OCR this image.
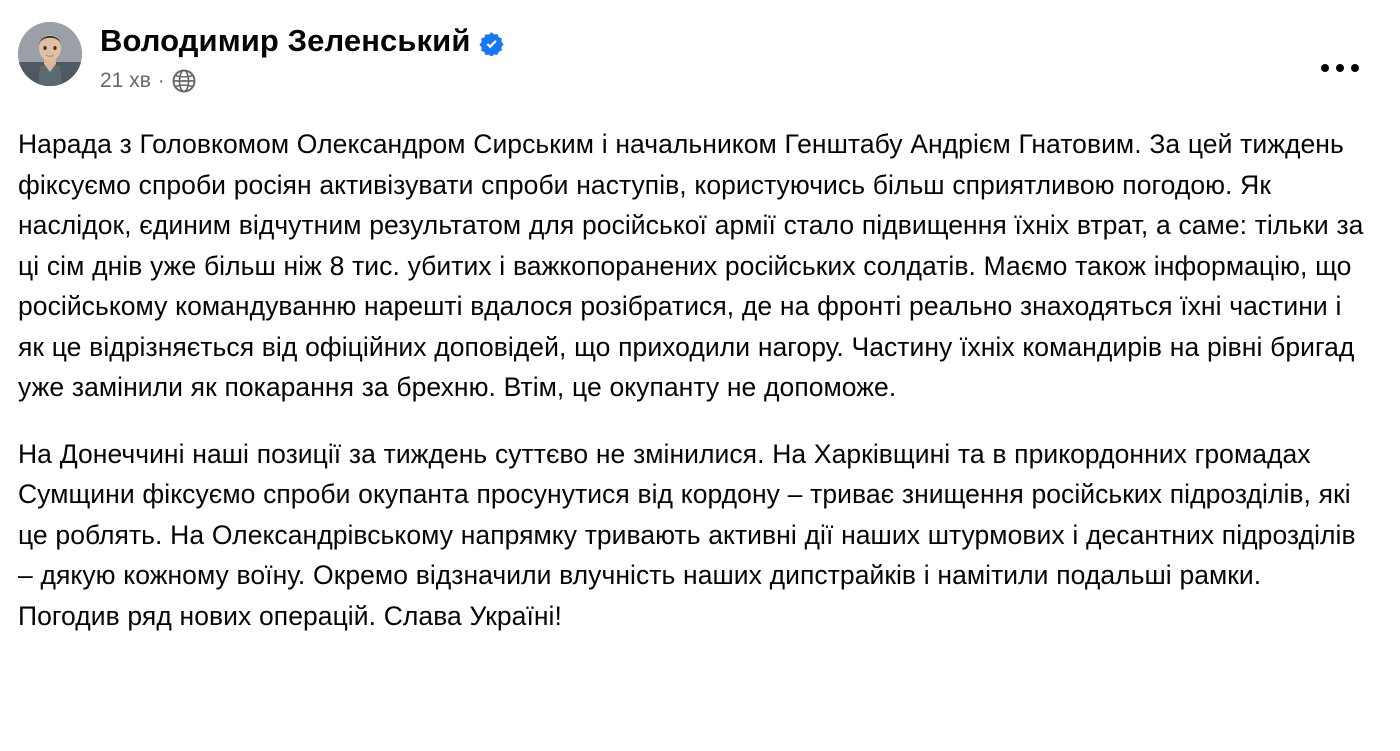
Володимир Зеленський
21 хв ·

Нарада з Головкомом Олександром Сирським і начальником Генштабу Андрієм Гнатовим. За цей тиждень фіксуємо спроби росіян активізувати спроби наступів, користуючись більш сприятливою погодою. Як наслідок, єдиним відчутним результатом для російської армії стало підвищення їхніх втрат, а саме: тільки за ці сім днів уже більш ніж 8 тис. убитих і важкопоранених російських солдатів. Маємо також інформацію, що російському командуванню нарешті вдалося розібратися, де на фронті реально знаходяться їхні частини і як це відрізняється від офіційних доповідей, що приходили нагору. Частину їхніх командирів на рівні бригад уже замінили як покарання за брехню. Втім, це окупанту не допоможе.

На Донеччині наші позиції за тиждень суттєво не змінилися. На Харківщині та в прикордонних громадах Сумщини фіксуємо спроби окупанта просунутися від кордону – триває знищення російських підрозділів, які це роблять. На Олександрівському напрямку тривають активні дії наших штурмових і десантних підрозділів – дякую кожному воїну. Окремо відзначили влучність наших дипстрайків і намітили подальші рамки. Погодив ряд нових операцій. Слава Україні!
